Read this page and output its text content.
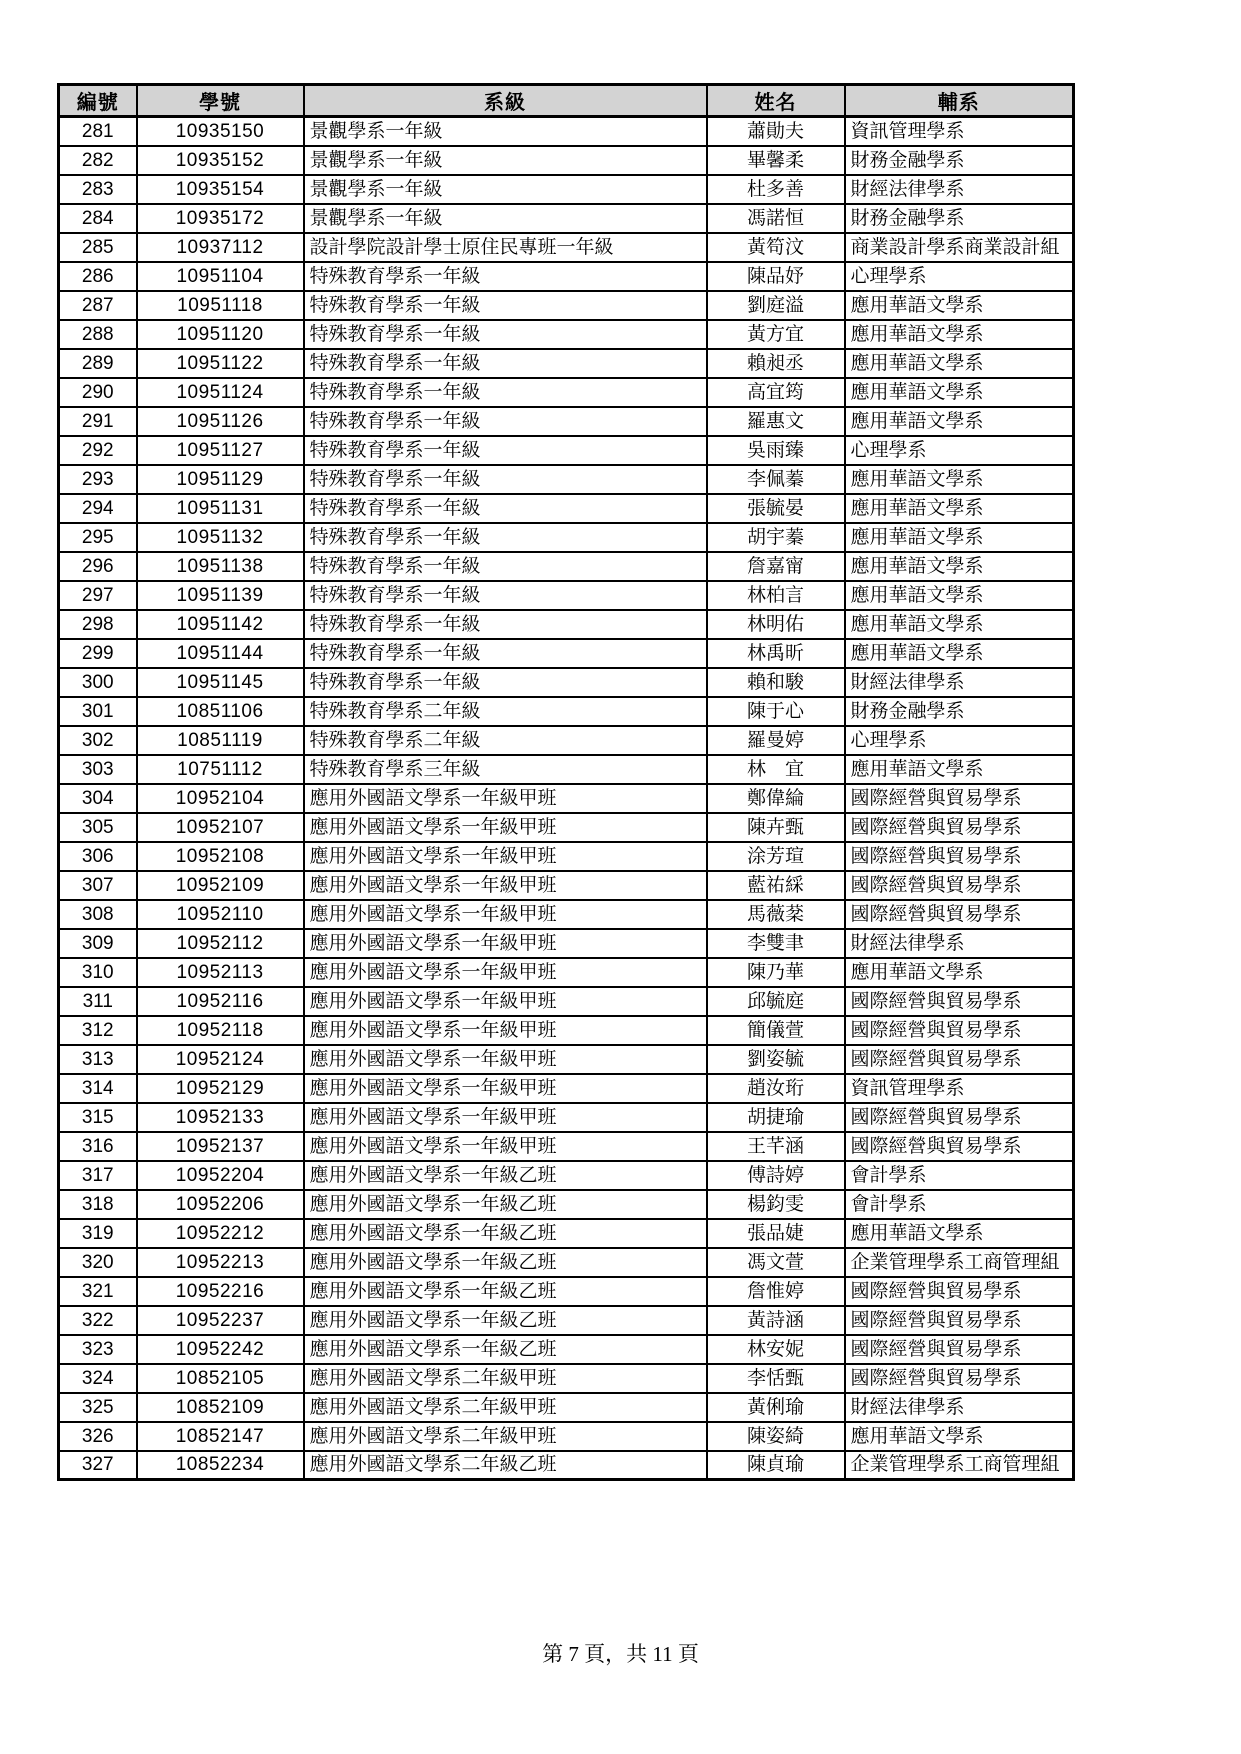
編號	學號	系級	姓名	輔系
281	10935150	景觀學系一年級	蕭勛夫	資訊管理學系
282	10935152	景觀學系一年級	畢馨柔	財務金融學系
283	10935154	景觀學系一年級	杜多善	財經法律學系
284	10935172	景觀學系一年級	馮諾恒	財務金融學系
285	10937112	設計學院設計學士原住民專班一年級	黃笱汶	商業設計學系商業設計組
286	10951104	特殊教育學系一年級	陳品妤	心理學系
287	10951118	特殊教育學系一年級	劉庭溢	應用華語文學系
288	10951120	特殊教育學系一年級	黃方宜	應用華語文學系
289	10951122	特殊教育學系一年級	賴昶丞	應用華語文學系
290	10951124	特殊教育學系一年級	高宜筠	應用華語文學系
291	10951126	特殊教育學系一年級	羅惠文	應用華語文學系
292	10951127	特殊教育學系一年級	吳雨臻	心理學系
293	10951129	特殊教育學系一年級	李佩蓁	應用華語文學系
294	10951131	特殊教育學系一年級	張毓晏	應用華語文學系
295	10951132	特殊教育學系一年級	胡宇蓁	應用華語文學系
296	10951138	特殊教育學系一年級	詹嘉甯	應用華語文學系
297	10951139	特殊教育學系一年級	林柏言	應用華語文學系
298	10951142	特殊教育學系一年級	林明佑	應用華語文學系
299	10951144	特殊教育學系一年級	林禹昕	應用華語文學系
300	10951145	特殊教育學系一年級	賴和駿	財經法律學系
301	10851106	特殊教育學系二年級	陳于心	財務金融學系
302	10851119	特殊教育學系二年級	羅曼婷	心理學系
303	10751112	特殊教育學系三年級	林　宜	應用華語文學系
304	10952104	應用外國語文學系一年級甲班	鄭偉綸	國際經營與貿易學系
305	10952107	應用外國語文學系一年級甲班	陳卉甄	國際經營與貿易學系
306	10952108	應用外國語文學系一年級甲班	涂芳瑄	國際經營與貿易學系
307	10952109	應用外國語文學系一年級甲班	藍祐綵	國際經營與貿易學系
308	10952110	應用外國語文學系一年級甲班	馬薇棻	國際經營與貿易學系
309	10952112	應用外國語文學系一年級甲班	李雙聿	財經法律學系
310	10952113	應用外國語文學系一年級甲班	陳乃華	應用華語文學系
311	10952116	應用外國語文學系一年級甲班	邱毓庭	國際經營與貿易學系
312	10952118	應用外國語文學系一年級甲班	簡儀萱	國際經營與貿易學系
313	10952124	應用外國語文學系一年級甲班	劉姿毓	國際經營與貿易學系
314	10952129	應用外國語文學系一年級甲班	趙汝珩	資訊管理學系
315	10952133	應用外國語文學系一年級甲班	胡捷瑜	國際經營與貿易學系
316	10952137	應用外國語文學系一年級甲班	王芊涵	國際經營與貿易學系
317	10952204	應用外國語文學系一年級乙班	傅詩婷	會計學系
318	10952206	應用外國語文學系一年級乙班	楊鈞雯	會計學系
319	10952212	應用外國語文學系一年級乙班	張品婕	應用華語文學系
320	10952213	應用外國語文學系一年級乙班	馮文萱	企業管理學系工商管理組
321	10952216	應用外國語文學系一年級乙班	詹惟婷	國際經營與貿易學系
322	10952237	應用外國語文學系一年級乙班	黃詩涵	國際經營與貿易學系
323	10952242	應用外國語文學系一年級乙班	林安妮	國際經營與貿易學系
324	10852105	應用外國語文學系二年級甲班	李恬甄	國際經營與貿易學系
325	10852109	應用外國語文學系二年級甲班	黃俐瑜	財經法律學系
326	10852147	應用外國語文學系二年級甲班	陳姿綺	應用華語文學系
327	10852234	應用外國語文學系二年級乙班	陳貞瑜	企業管理學系工商管理組
第 7 頁，共 11 頁
